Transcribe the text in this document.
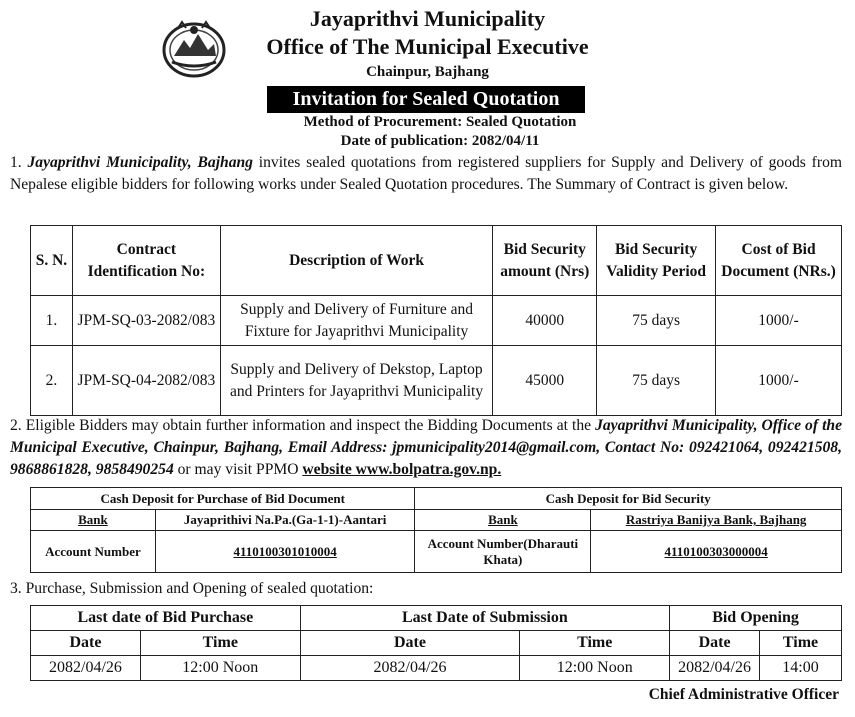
Jayaprithvi Municipality
Office of The Municipal Executive
Chainpur, Bajhang
Invitation for Sealed Quotation
Method of Procurement: Sealed Quotation
Date of publication: 2082/04/11
1. Jayaprithvi Municipality, Bajhang invites sealed quotations from registered suppliers for Supply and Delivery of goods from Nepalese eligible bidders for following works under Sealed Quotation procedures. The Summary of Contract is given below.
S. N.	Contract Identification No:	Description of Work	Bid Security amount (Nrs)	Bid Security Validity Period	Cost of Bid Document (NRs.)
1.	JPM-SQ-03-2082/083	Supply and Delivery of Furniture and Fixture for Jayaprithvi Municipality	40000	75 days	1000/-
2.	JPM-SQ-04-2082/083	Supply and Delivery of Dekstop, Laptop and Printers for Jayaprithvi Municipality	45000	75 days	1000/-
2. Eligible Bidders may obtain further information and inspect the Bidding Documents at the Jayaprithvi Municipality, Office of the Municipal Executive, Chainpur, Bajhang, Email Address: jpmunicipality2014@gmail.com, Contact No: 092421064, 092421508, 9868861828, 9858490254 or may visit PPMO website www.bolpatra.gov.np.
Cash Deposit for Purchase of Bid Document		Cash Deposit for Bid Security	
Bank	Jayaprithivi Na.Pa.(Ga-1-1)-Aantari	Bank	Rastriya Banijya Bank, Bajhang
Account Number	4110100301010004	Account Number(Dharauti Khata)	4110100303000004
3. Purchase, Submission and Opening of sealed quotation:
Last date of Bid Purchase		Last Date of Submission		Bid Opening	
Date	Time	Date	Time	Date	Time
2082/04/26	12:00 Noon	2082/04/26	12:00 Noon	2082/04/26	14:00
Chief Administrative Officer
